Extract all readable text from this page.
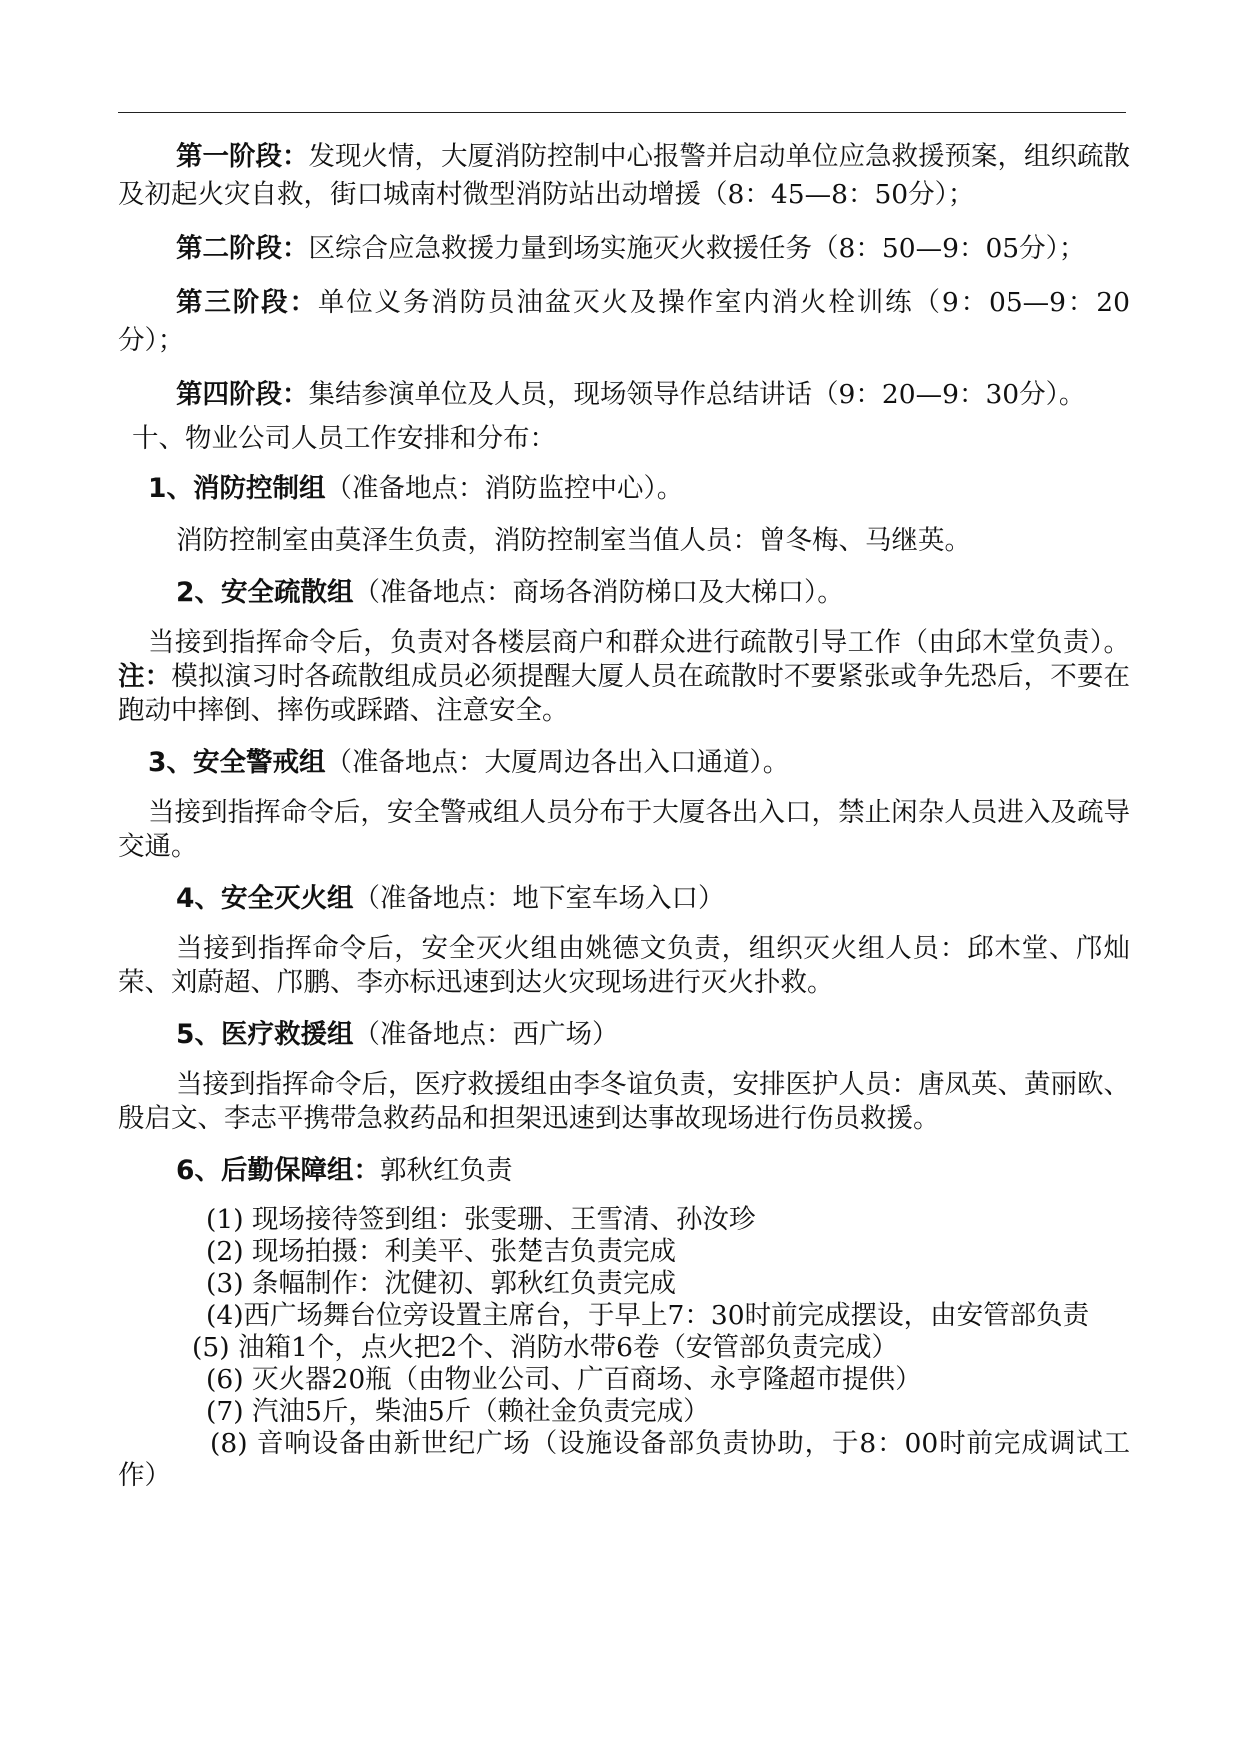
第一阶段：发现火情，大厦消防控制中心报警并启动单位应急救援预案，组织疏散及初起火灾自救，街口城南村微型消防站出动增援（8：45—8：50分）；

第二阶段：区综合应急救援力量到场实施灭火救援任务（8：50—9：05分）；

第三阶段：单位义务消防员油盆灭火及操作室内消火栓训练（9：05—9：20分）；

第四阶段：集结参演单位及人员，现场领导作总结讲话（9：20—9：30分）。

十、物业公司人员工作安排和分布：

1、消防控制组（准备地点：消防监控中心）。

消防控制室由莫泽生负责，消防控制室当值人员：曾冬梅、马继英。

2、安全疏散组（准备地点：商场各消防梯口及大梯口）。

当接到指挥命令后，负责对各楼层商户和群众进行疏散引导工作（由邱木堂负责）。注：模拟演习时各疏散组成员必须提醒大厦人员在疏散时不要紧张或争先恐后，不要在跑动中摔倒、摔伤或踩踏、注意安全。

3、安全警戒组（准备地点：大厦周边各出入口通道）。

当接到指挥命令后，安全警戒组人员分布于大厦各出入口，禁止闲杂人员进入及疏导交通。

4、安全灭火组（准备地点：地下室车场入口）

当接到指挥命令后，安全灭火组由姚德文负责，组织灭火组人员：邱木堂、邝灿荣、刘蔚超、邝鹏、李亦标迅速到达火灾现场进行灭火扑救。

5、医疗救援组（准备地点：西广场）

当接到指挥命令后，医疗救援组由李冬谊负责，安排医护人员：唐凤英、黄丽欧、殷启文、李志平携带急救药品和担架迅速到达事故现场进行伤员救援。

6、后勤保障组：郭秋红负责

(1) 现场接待签到组：张雯珊、王雪清、孙汝珍

(2) 现场拍摄：利美平、张楚吉负责完成

(3) 条幅制作：沈健初、郭秋红负责完成

(4)西广场舞台位旁设置主席台，于早上7：30时前完成摆设，由安管部负责

(5) 油箱1个，点火把2个、消防水带6卷（安管部负责完成）

(6) 灭火器20瓶（由物业公司、广百商场、永亨隆超市提供）

(7) 汽油5斤，柴油5斤（赖社金负责完成）

(8) 音响设备由新世纪广场（设施设备部负责协助，于8：00时前完成调试工作）
